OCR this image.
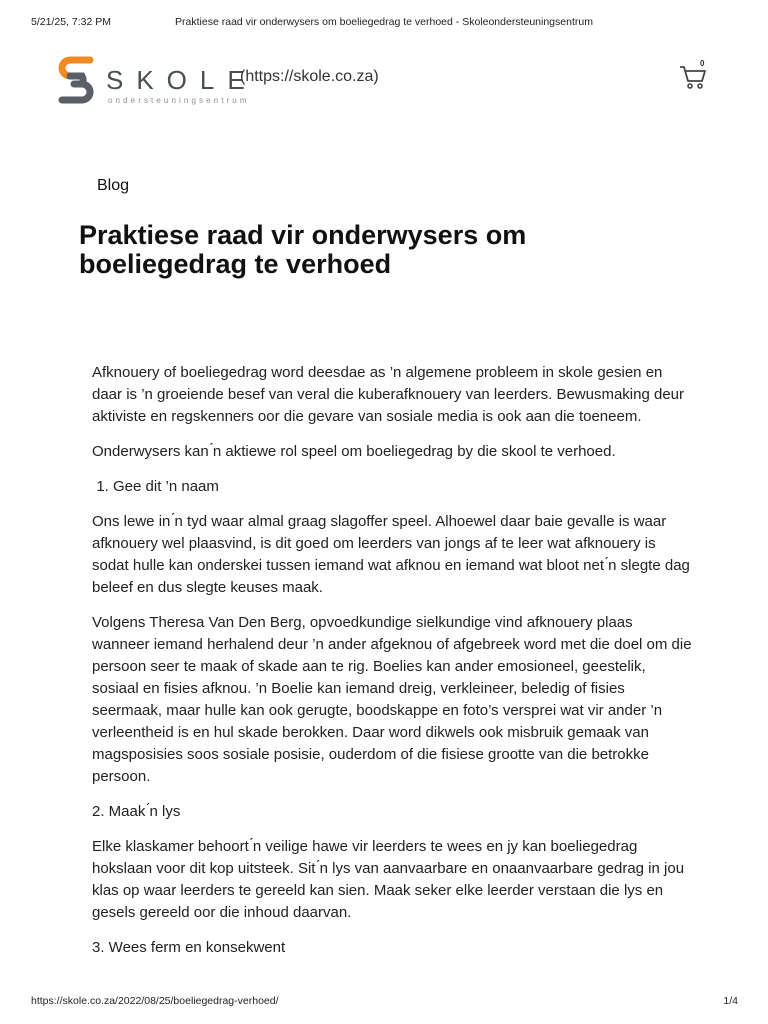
5/21/25, 7:32 PM	Praktiese raad vir onderwysers om boeliegedrag te verhoed - Skoleondersteuningsentrum
SKOLE
ondersteuningsentrum
(https://skole.co.za)
0
Blog
Praktiese raad vir onderwysers om boeliegedrag te verhoed

Afknouery of boeliegedrag word deesdae as ’n algemene probleem in skole gesien en daar is ’n groeiende besef van veral die kuberafknouery van leerders. Bewusmaking deur aktiviste en regskenners oor die gevare van sosiale media is ook aan die toeneem.

Onderwysers kan ́n aktiewe rol speel om boeliegedrag by die skool te verhoed.

1. Gee dit ’n naam

Ons lewe in ́n tyd waar almal graag slagoffer speel. Alhoewel daar baie gevalle is waar afknouery wel plaasvind, is dit goed om leerders van jongs af te leer wat afknouery is sodat hulle kan onderskei tussen iemand wat afknou en iemand wat bloot net ́n slegte dag beleef en dus slegte keuses maak.

Volgens Theresa Van Den Berg, opvoedkundige sielkundige vind afknouery plaas wanneer iemand herhalend deur ’n ander afgeknou of afgebreek word met die doel om die persoon seer te maak of skade aan te rig. Boelies kan ander emosioneel, geestelik, sosiaal en fisies afknou. ’n Boelie kan iemand dreig, verkleineer, beledig of fisies seermaak, maar hulle kan ook gerugte, boodskappe en foto’s versprei wat vir ander ’n verleentheid is en hul skade berokken. Daar word dikwels ook misbruik gemaak van magsposisies soos sosiale posisie, ouderdom of die fisiese grootte van die betrokke persoon.

2. Maak ́n lys

Elke klaskamer behoort ́n veilige hawe vir leerders te wees en jy kan boeliegedrag hokslaan voor dit kop uitsteek. Sit ́n lys van aanvaarbare en onaanvaarbare gedrag in jou klas op waar leerders te gereeld kan sien. Maak seker elke leerder verstaan die lys en gesels gereeld oor die inhoud daarvan.

3. Wees ferm en konsekwent

https://skole.co.za/2022/08/25/boeliegedrag-verhoed/	1/4
